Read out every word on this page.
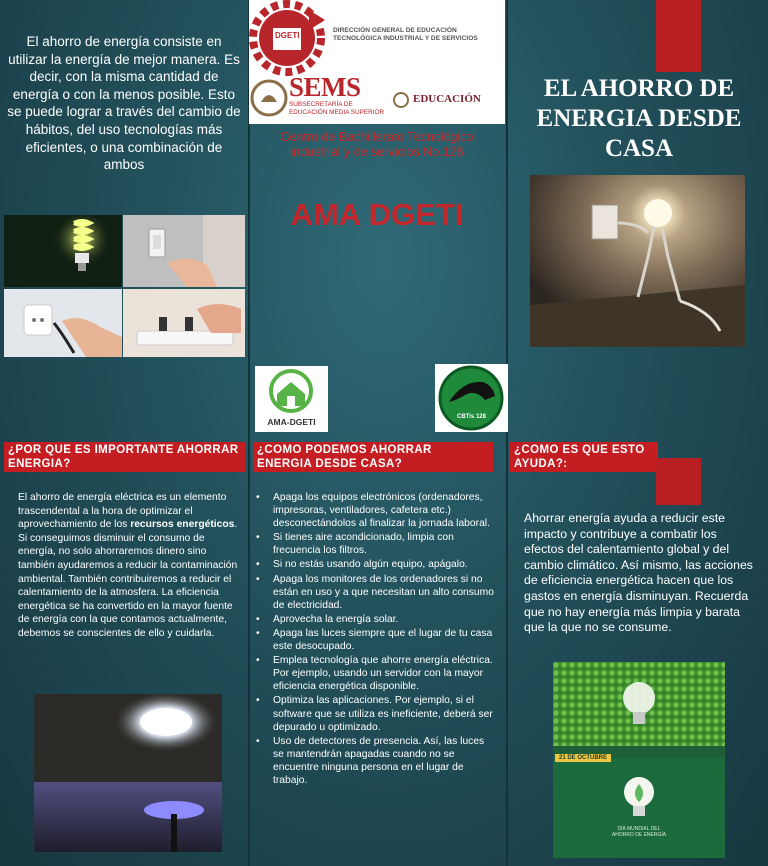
El ahorro de energía consiste en utilizar la energía de mejor manera. Es decir, con la misma cantidad de energía o con la menos posible. Esto se puede lograr a través del cambio de hábitos, del uso tecnologías más eficientes, o una combinación de ambos

¿POR QUE ES IMPORTANTE AHORRAR ENERGIA?

El ahorro de energía eléctrica es un elemento trascendental a la hora de optimizar el aprovechamiento de los recursos energéticos. Si conseguimos disminuir el consumo de energía, no solo ahorraremos dinero sino también ayudaremos a reducir la contaminación ambiental. También contribuiremos a reducir el calentamiento de la atmosfera. La eficiencia energética se ha convertido en la mayor fuente de energía con la que contamos actualmente, debemos se conscientes de ello y cuidarla.

DGETI
DIRECCIÓN GENERAL DE EDUCACIÓN
TECNOLÓGICA INDUSTRIAL Y DE SERVICIOS
SEMS
SUBSECRETARÍA DE
EDUCACIÓN MEDIA SUPERIOR
EDUCACIÓN

Centro de Bachillerato Tecnológico industrial y de servicios No.128

AMA DGETI
AMA-DGETI	CBTis 128
¿COMO PODEMOS AHORRAR ENERGIA DESDE CASA?
• Apaga los equipos electrónicos (ordenadores, impresoras, ventiladores, cafetera etc.) desconectándolos al finalizar la jornada laboral.
• Si tienes aire acondicionado, limpia con frecuencia los filtros.
• Si no estás usando algún equipo, apágalo.
• Apaga los monitores de los ordenadores si no están en uso y a que necesitan un alto consumo de electricidad.
• Aprovecha la energía solar.
• Apaga las luces siempre que el lugar de tu casa este desocupado.
• Emplea tecnología que ahorre energía eléctrica. Por ejemplo, usando un servidor con la mayor eficiencia energética disponible.
• Optimiza las aplicaciones. Por ejemplo, si el software que se utiliza es ineficiente, deberá ser depurado u optimizado.
• Uso de detectores de presencia. Así, las luces se mantendrán apagadas cuando no se encuentre ninguna persona en el lugar de trabajo.
EL AHORRO DE ENERGIA DESDE CASA
¿COMO ES QUE ESTO AYUDA?:

Ahorrar energía ayuda a reducir este impacto y contribuye a combatir los efectos del calentamiento global y del cambio climático. Así mismo, las acciones de eficiencia energética hacen que los gastos en energía disminuyan. Recuerda que no hay energía más limpia y barata que la que no se consume.

21 DE OCTUBRE
DÍA MUNDIAL DEL
AHORRO DE ENERGÍA
